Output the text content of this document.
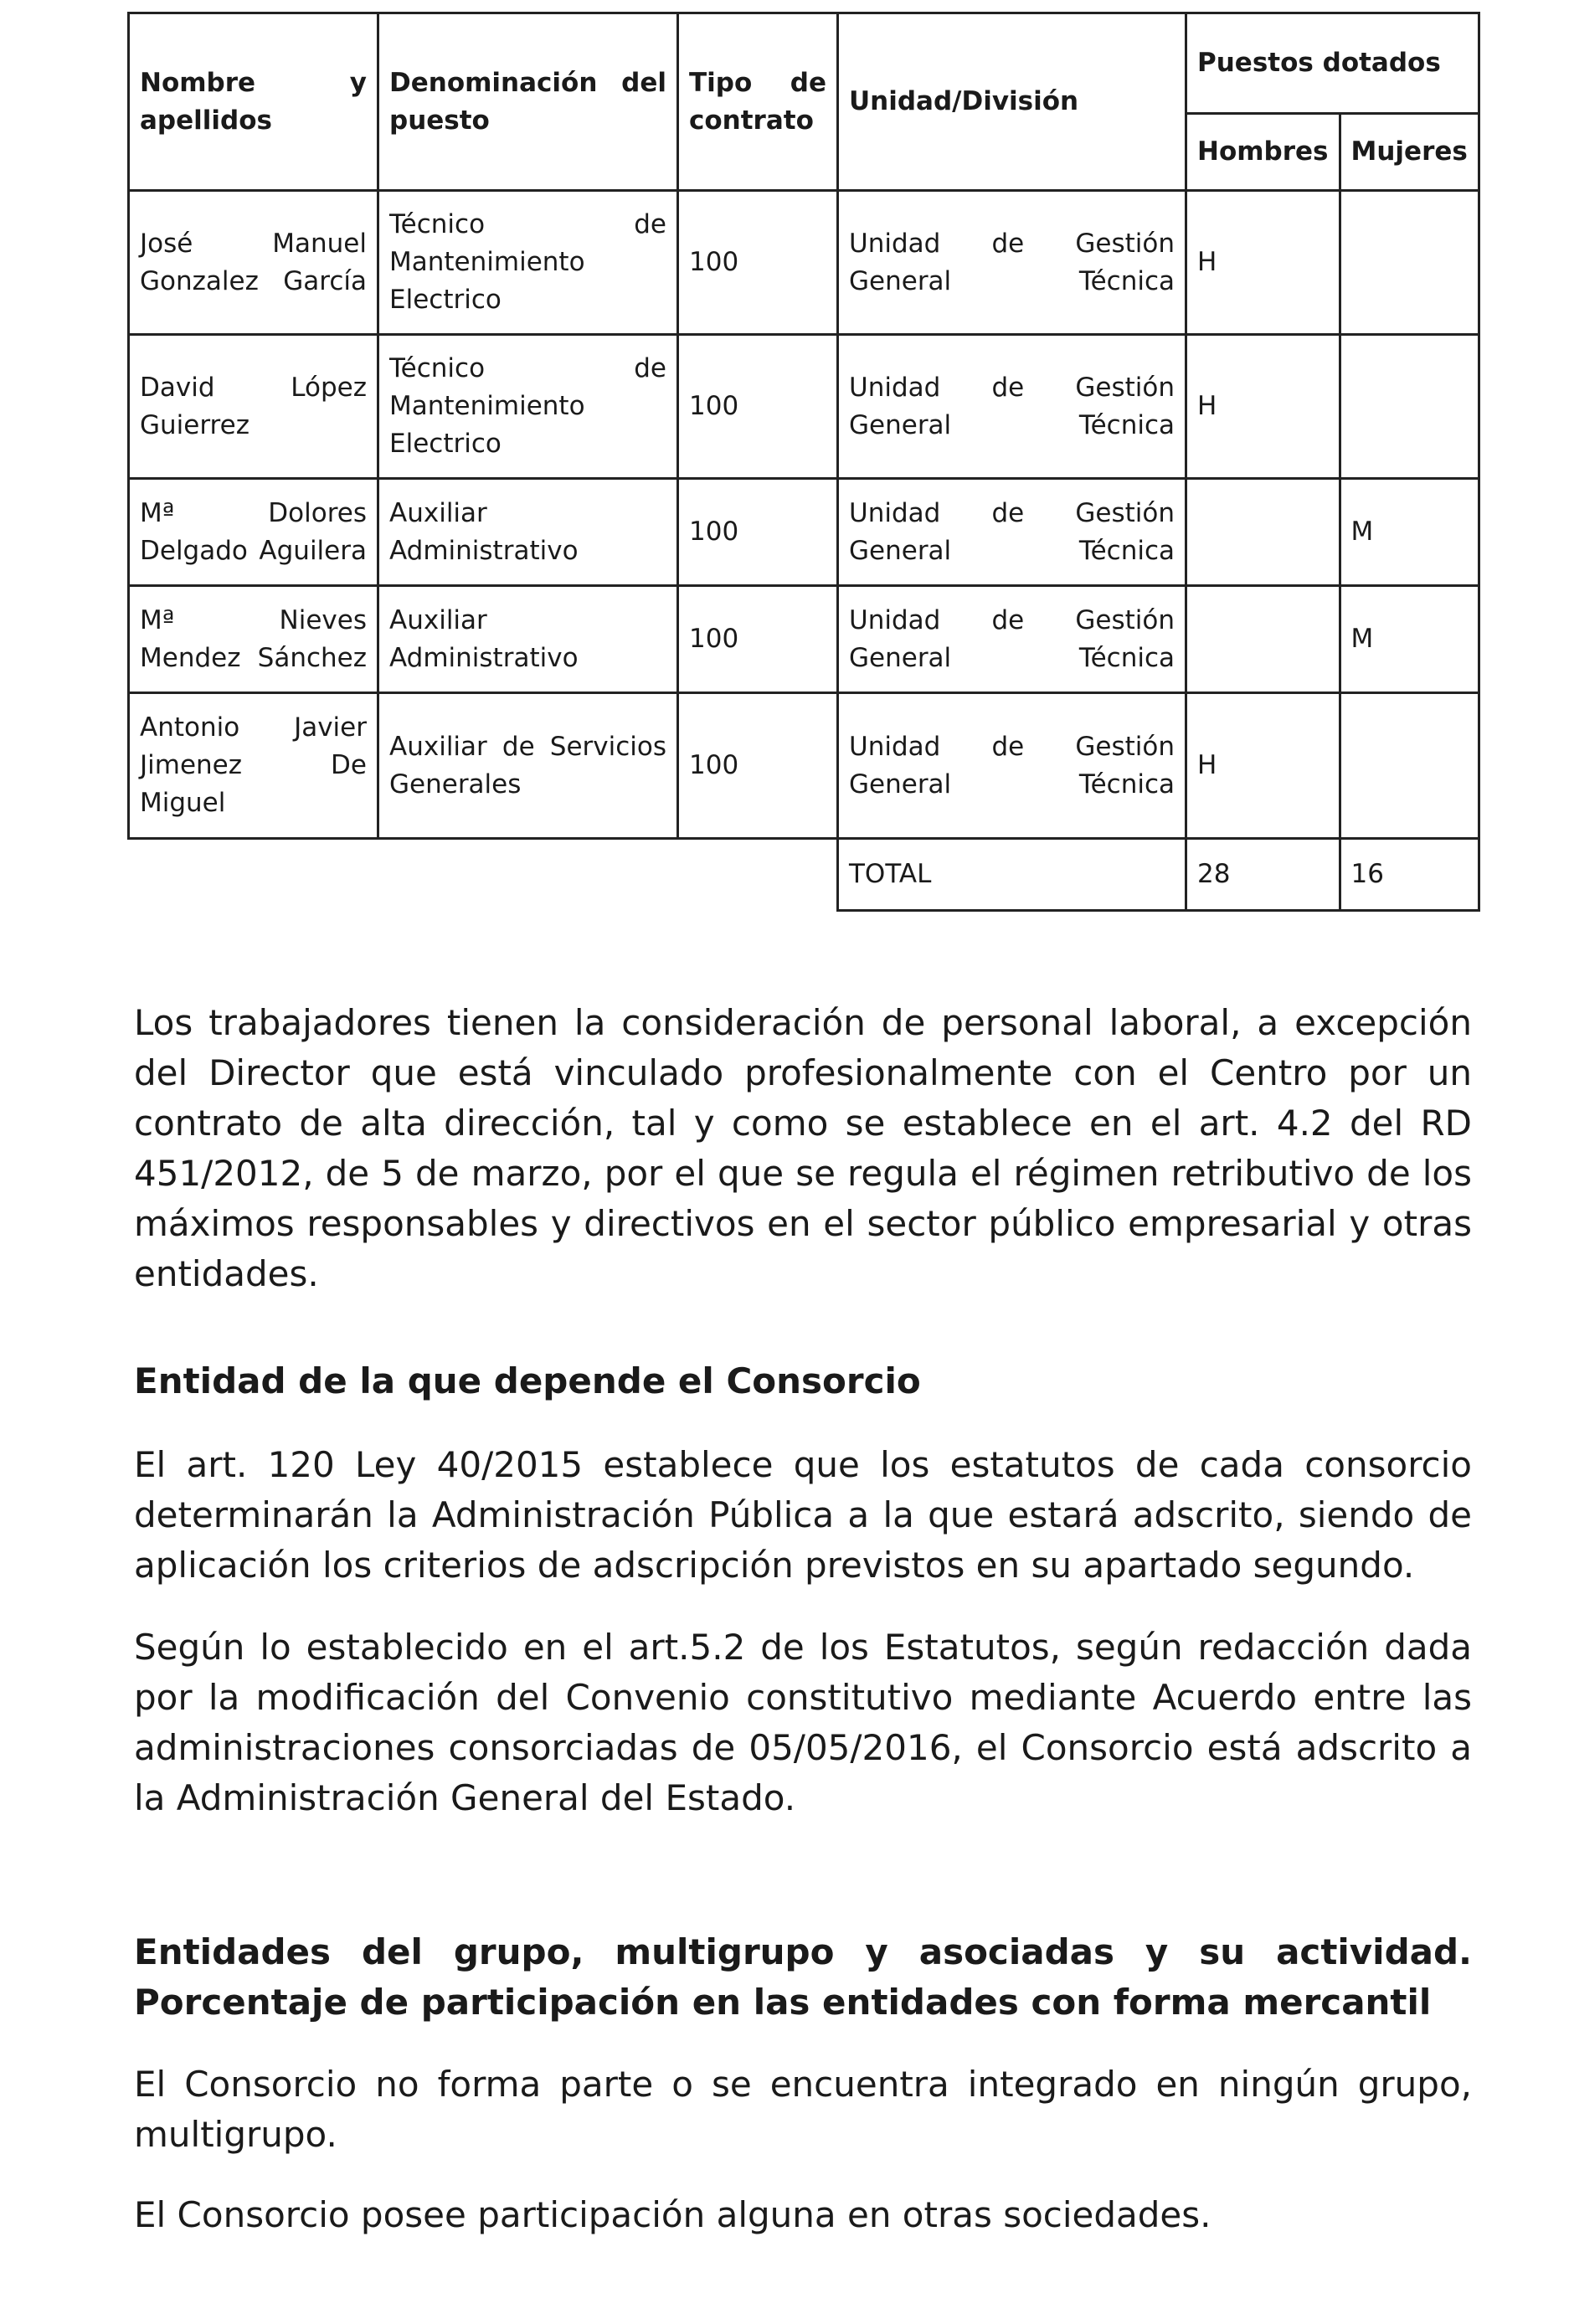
Nombre y apellidos	Denominación del puesto	Tipo de contrato	Unidad/División	Puestos dotados	
				Hombres	Mujeres
José Manuel Gonzalez García	Técnico de Mantenimiento Electrico	100	Unidad de Gestión General Técnica	H	
David López Guierrez	Técnico de Mantenimiento Electrico	100	Unidad de Gestión General Técnica	H	
Mª Dolores Delgado Aguilera	Auxiliar Administrativo	100	Unidad de Gestión General Técnica		M
Mª Nieves Mendez Sánchez	Auxiliar Administrativo	100	Unidad de Gestión General Técnica		M
Antonio Javier Jimenez De Miguel	Auxiliar de Servicios Generales	100	Unidad de Gestión General Técnica	H	
			TOTAL	28	16

Los trabajadores tienen la consideración de personal laboral, a excepción del Director que está vinculado profesionalmente con el Centro por un contrato de alta dirección, tal y como se establece en el art. 4.2 del RD 451/2012, de 5 de marzo, por el que se regula el régimen retributivo de los máximos responsables y directivos en el sector público empresarial y otras entidades.

Entidad de la que depende el Consorcio

El art. 120 Ley 40/2015 establece que los estatutos de cada consorcio determinarán la Administración Pública a la que estará adscrito, siendo de aplicación los criterios de adscripción previstos en su apartado segundo.

Según lo establecido en el art.5.2 de los Estatutos, según redacción dada por la modificación del Convenio constitutivo mediante Acuerdo entre las administraciones consorciadas de 05/05/2016, el Consorcio está adscrito a la Administración General del Estado.

Entidades del grupo, multigrupo y asociadas y su actividad. Porcentaje de participación en las entidades con forma mercantil

El Consorcio no forma parte o se encuentra integrado en ningún grupo, multigrupo.

El Consorcio posee participación alguna en otras sociedades.
